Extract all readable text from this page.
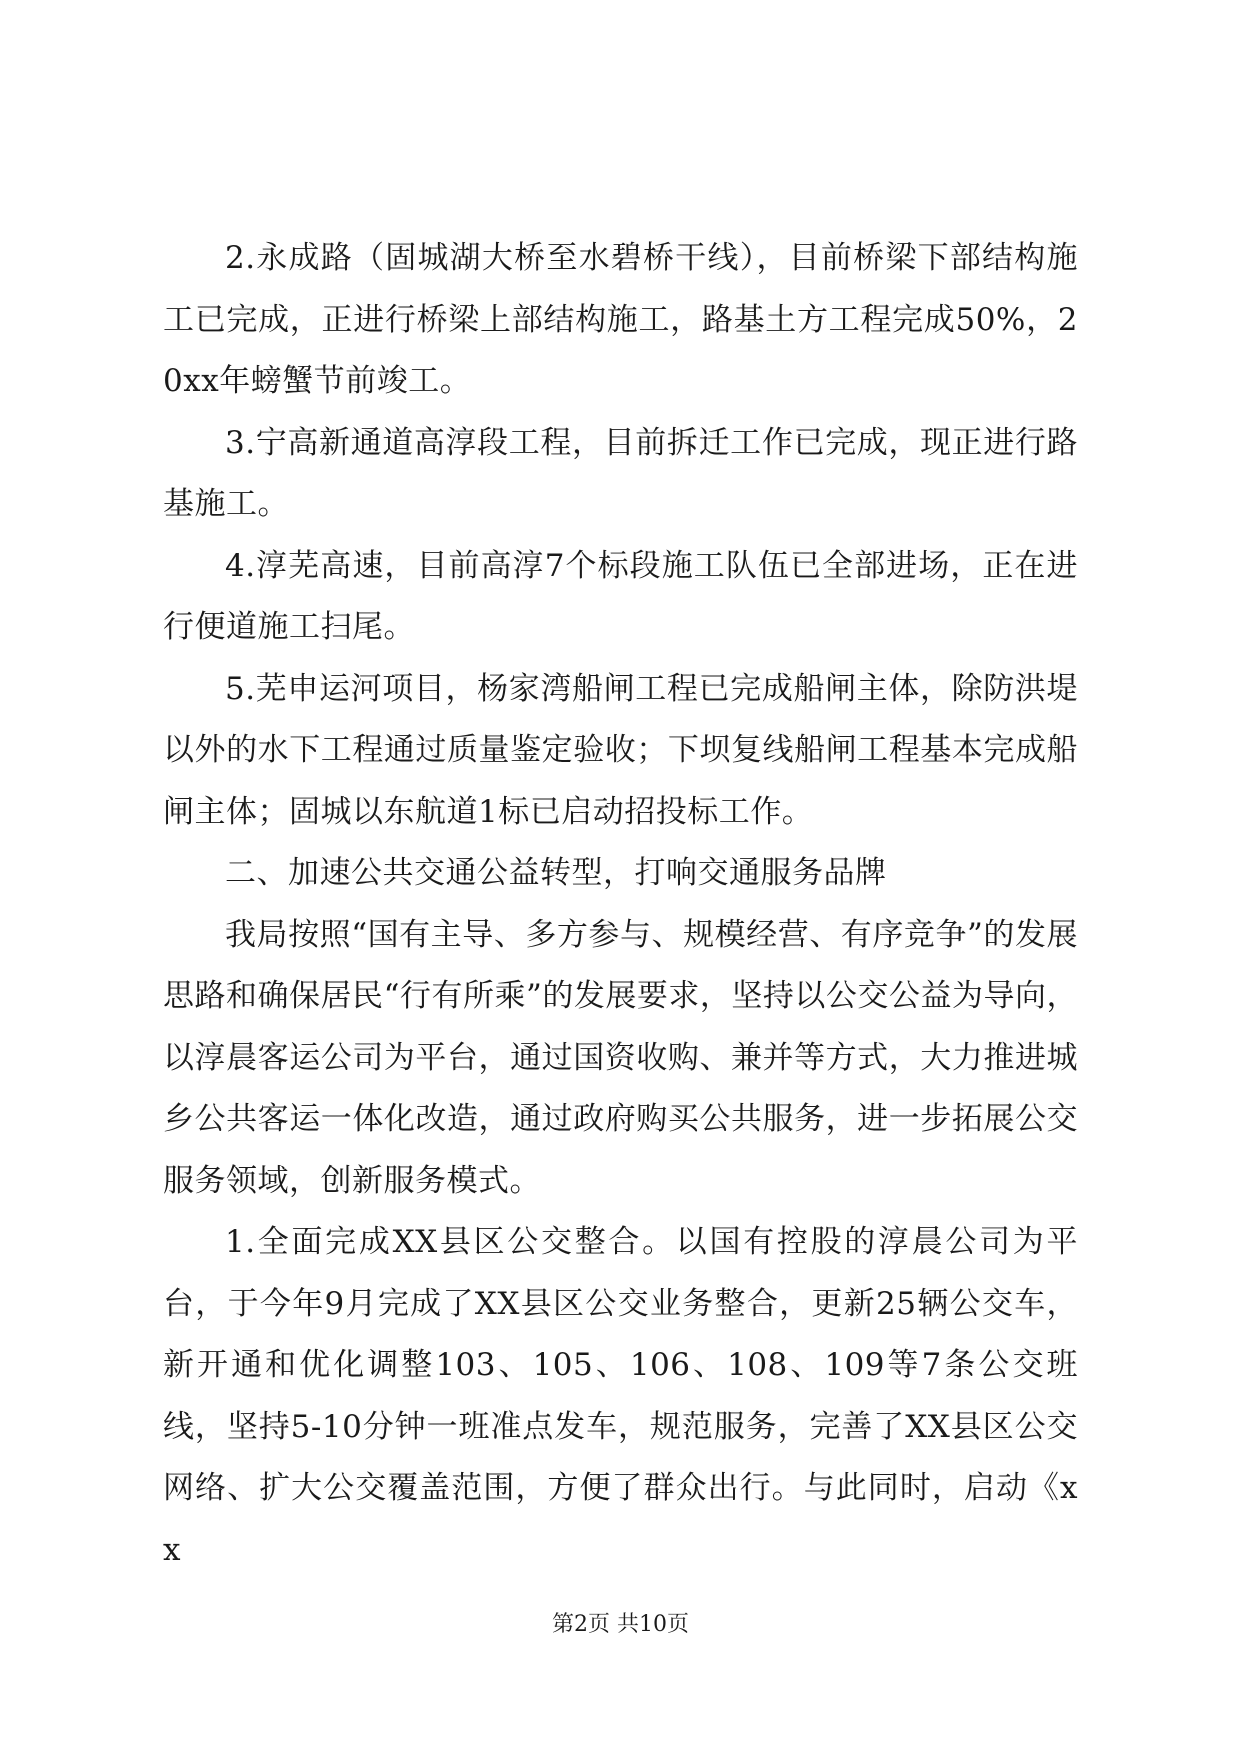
2.永成路（固城湖大桥至水碧桥干线），目前桥梁下部结构施工已完成，正进行桥梁上部结构施工，路基土方工程完成50%，20xx年螃蟹节前竣工。

3.宁高新通道高淳段工程，目前拆迁工作已完成，现正进行路基施工。

4.淳芜高速，目前高淳7个标段施工队伍已全部进场，正在进行便道施工扫尾。

5.芜申运河项目，杨家湾船闸工程已完成船闸主体，除防洪堤以外的水下工程通过质量鉴定验收；下坝复线船闸工程基本完成船闸主体；固城以东航道1标已启动招投标工作。

二、加速公共交通公益转型，打响交通服务品牌

我局按照“国有主导、多方参与、规模经营、有序竞争”的发展思路和确保居民“行有所乘”的发展要求，坚持以公交公益为导向，以淳晨客运公司为平台，通过国资收购、兼并等方式，大力推进城乡公共客运一体化改造，通过政府购买公共服务，进一步拓展公交服务领域，创新服务模式。

1.全面完成XX县区公交整合。以国有控股的淳晨公司为平台，于今年9月完成了XX县区公交业务整合，更新25辆公交车，新开通和优化调整103、105、106、108、109等7条公交班线，坚持5-10分钟一班准点发车，规范服务，完善了XX县区公交网络、扩大公交覆盖范围，方便了群众出行。与此同时，启动《xx

第2页 共10页
